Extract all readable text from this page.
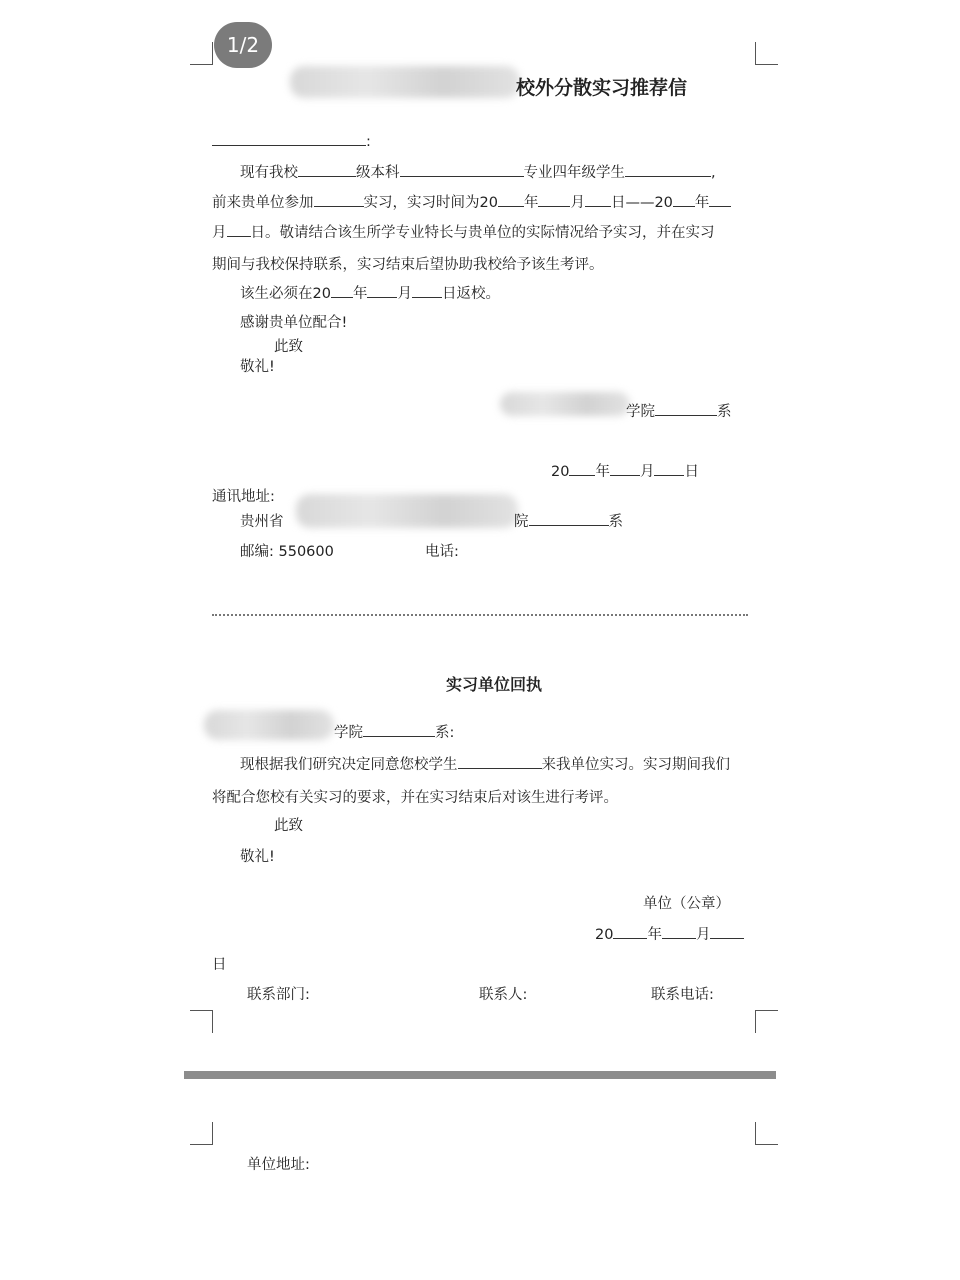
1/2
校外分散实习推荐信
:
现有我校	级本科	专业四年级学生	,
前来贵单位参加	实习，实习时间为20 年 月 日——20 年
月 日。敬请结合该生所学专业特长与贵单位的实际情况给予实习，并在实习
期间与我校保持联系，实习结束后望协助我校给予该生考评。
该生必须在20 年 月 日返校。
感谢贵单位配合!
此致
敬礼!
学院	系
20 年 月 日
通讯地址:
贵州省	院	系
邮编: 550600	电话:
实习单位回执
学院	系:
现根据我们研究决定同意您校学生	来我单位实习。实习期间我们
将配合您校有关实习的要求，并在实习结束后对该生进行考评。
此致
敬礼!
单位（公章）
20 年 月
日
联系部门:	联系人:	联系电话:
单位地址:
